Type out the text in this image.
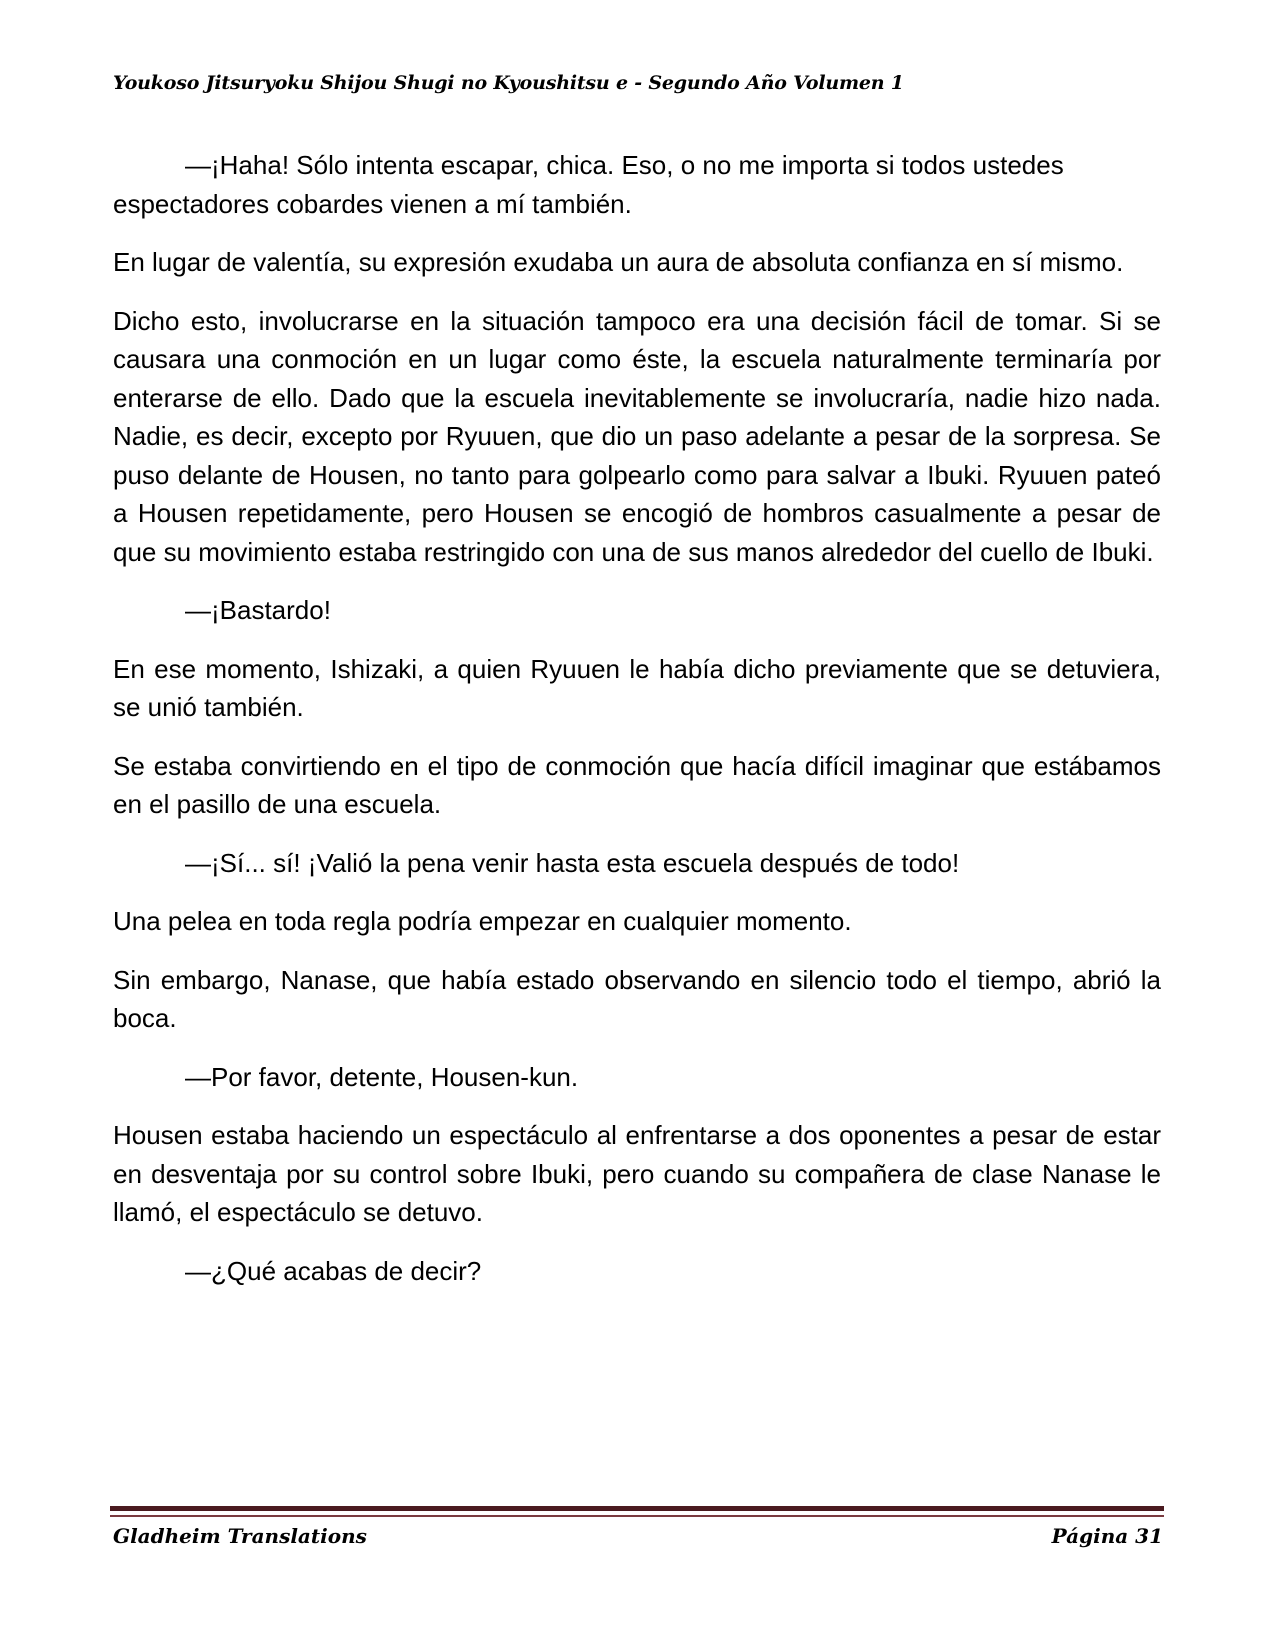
Youkoso Jitsuryoku Shijou Shugi no Kyoushitsu e - Segundo Año Volumen 1

—¡Haha! Sólo intenta escapar, chica. Eso, o no me importa si todos ustedes espectadores cobardes vienen a mí también.

En lugar de valentía, su expresión exudaba un aura de absoluta confianza en sí mismo.

Dicho esto, involucrarse en la situación tampoco era una decisión fácil de tomar. Si se causara una conmoción en un lugar como éste, la escuela naturalmente terminaría por enterarse de ello. Dado que la escuela inevitablemente se involucraría, nadie hizo nada. Nadie, es decir, excepto por Ryuuen, que dio un paso adelante a pesar de la sorpresa. Se puso delante de Housen, no tanto para golpearlo como para salvar a Ibuki. Ryuuen pateó a Housen repetidamente, pero Housen se encogió de hombros casualmente a pesar de que su movimiento estaba restringido con una de sus manos alrededor del cuello de Ibuki.

—¡Bastardo!

En ese momento, Ishizaki, a quien Ryuuen le había dicho previamente que se detuviera, se unió también.

Se estaba convirtiendo en el tipo de conmoción que hacía difícil imaginar que estábamos en el pasillo de una escuela.

—¡Sí... sí! ¡Valió la pena venir hasta esta escuela después de todo!

Una pelea en toda regla podría empezar en cualquier momento.

Sin embargo, Nanase, que había estado observando en silencio todo el tiempo, abrió la boca.

—Por favor, detente, Housen-kun.

Housen estaba haciendo un espectáculo al enfrentarse a dos oponentes a pesar de estar en desventaja por su control sobre Ibuki, pero cuando su compañera de clase Nanase le llamó, el espectáculo se detuvo.

—¿Qué acabas de decir?

Gladheim Translations	Página 31
